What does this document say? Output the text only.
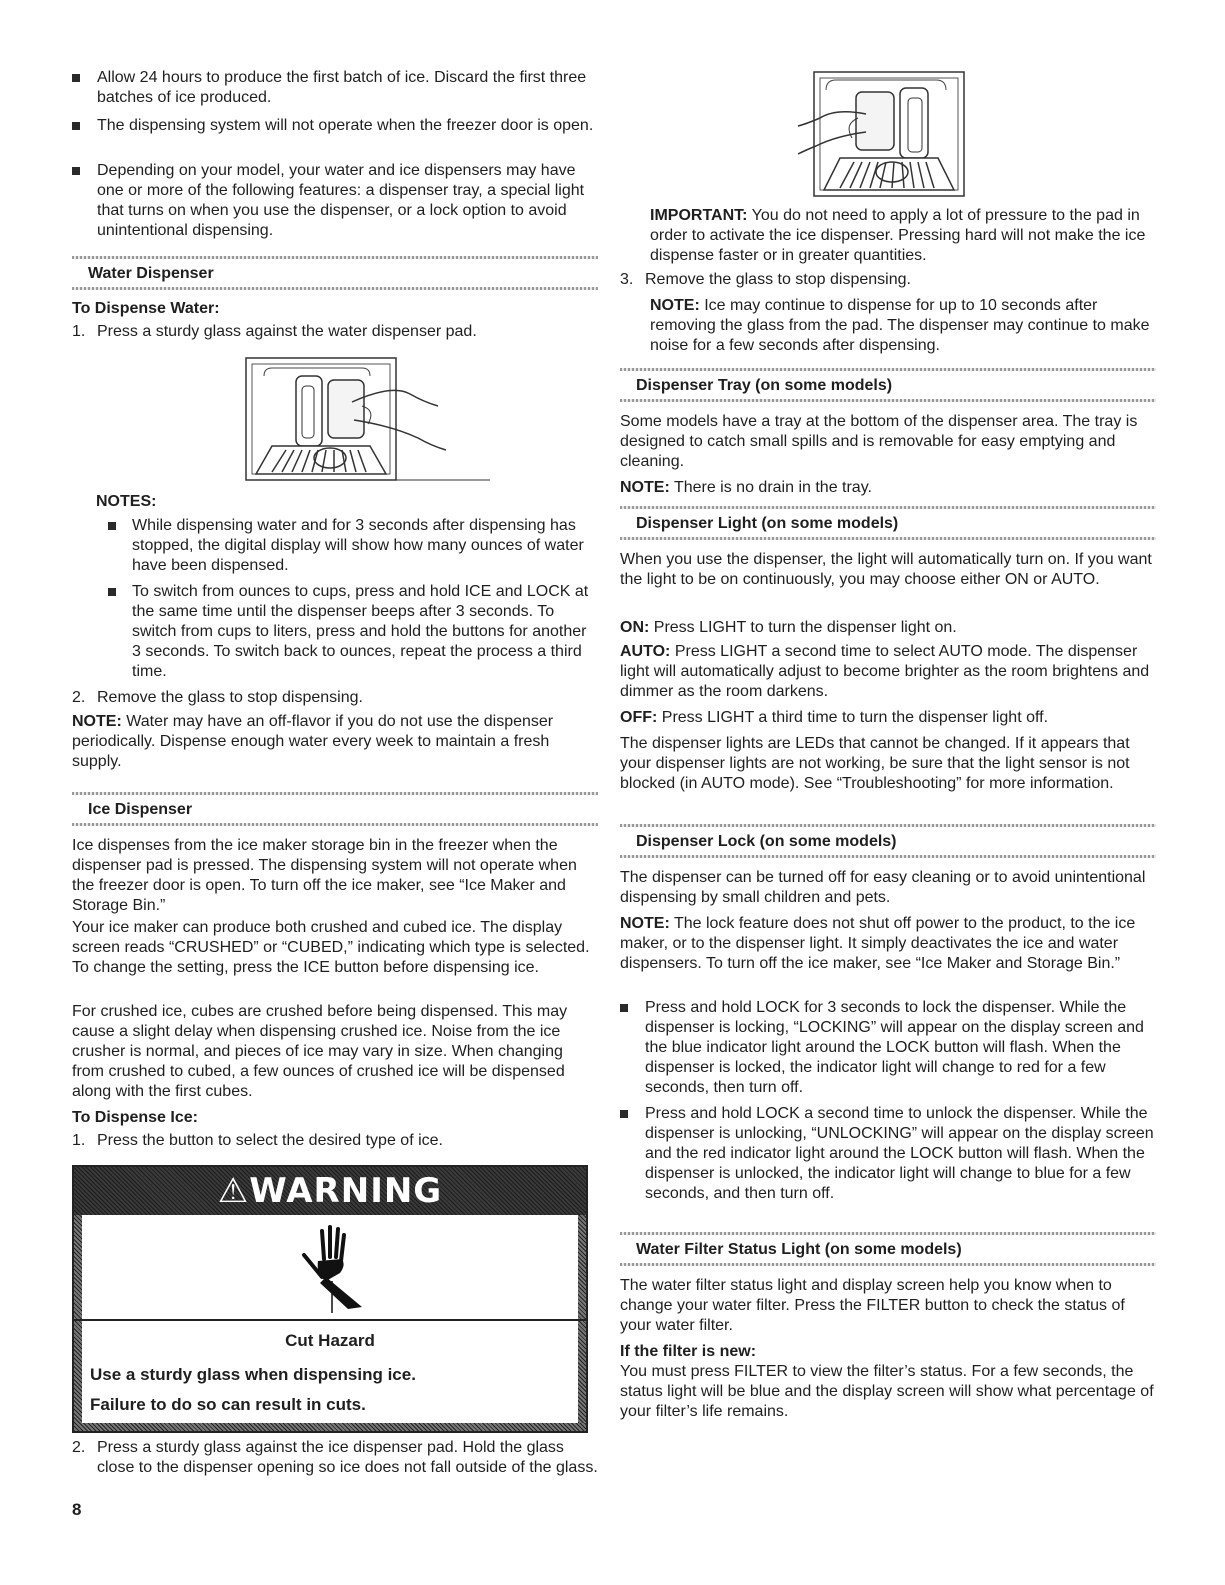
Allow 24 hours to produce the first batch of ice. Discard the first three batches of ice produced.
The dispensing system will not operate when the freezer door is open.
Depending on your model, your water and ice dispensers may have one or more of the following features: a dispenser tray, a special light that turns on when you use the dispenser, or a lock option to avoid unintentional dispensing.
Water Dispenser
To Dispense Water:
1. Press a sturdy glass against the water dispenser pad.
NOTES:
While dispensing water and for 3 seconds after dispensing has stopped, the digital display will show how many ounces of water have been dispensed.
To switch from ounces to cups, press and hold ICE and LOCK at the same time until the dispenser beeps after 3 seconds. To switch from cups to liters, press and hold the buttons for another 3 seconds. To switch back to ounces, repeat the process a third time.
2. Remove the glass to stop dispensing.

NOTE: Water may have an off-flavor if you do not use the dispenser periodically. Dispense enough water every week to maintain a fresh supply.

Ice Dispenser

Ice dispenses from the ice maker storage bin in the freezer when the dispenser pad is pressed. The dispensing system will not operate when the freezer door is open. To turn off the ice maker, see “Ice Maker and Storage Bin.”

Your ice maker can produce both crushed and cubed ice. The display screen reads “CRUSHED” or “CUBED,” indicating which type is selected. To change the setting, press the ICE button before dispensing ice.

For crushed ice, cubes are crushed before being dispensed. This may cause a slight delay when dispensing crushed ice. Noise from the ice crusher is normal, and pieces of ice may vary in size. When changing from crushed to cubed, a few ounces of crushed ice will be dispensed along with the first cubes.

To Dispense Ice:
1. Press the button to select the desired type of ice.
⚠WARNING
Cut Hazard
Use a sturdy glass when dispensing ice.
Failure to do so can result in cuts.
2. Press a sturdy glass against the ice dispenser pad. Hold the glass close to the dispenser opening so ice does not fall outside of the glass.
8

IMPORTANT: You do not need to apply a lot of pressure to the pad in order to activate the ice dispenser. Pressing hard will not make the ice dispense faster or in greater quantities.

3. Remove the glass to stop dispensing.

NOTE: Ice may continue to dispense for up to 10 seconds after removing the glass from the pad. The dispenser may continue to make noise for a few seconds after dispensing.

Dispenser Tray (on some models)

Some models have a tray at the bottom of the dispenser area. The tray is designed to catch small spills and is removable for easy emptying and cleaning.

NOTE: There is no drain in the tray.

Dispenser Light (on some models)

When you use the dispenser, the light will automatically turn on. If you want the light to be on continuously, you may choose either ON or AUTO.

ON: Press LIGHT to turn the dispenser light on.

AUTO: Press LIGHT a second time to select AUTO mode. The dispenser light will automatically adjust to become brighter as the room brightens and dimmer as the room darkens.

OFF: Press LIGHT a third time to turn the dispenser light off.

The dispenser lights are LEDs that cannot be changed. If it appears that your dispenser lights are not working, be sure that the light sensor is not blocked (in AUTO mode). See “Troubleshooting” for more information.

Dispenser Lock (on some models)

The dispenser can be turned off for easy cleaning or to avoid unintentional dispensing by small children and pets.

NOTE: The lock feature does not shut off power to the product, to the ice maker, or to the dispenser light. It simply deactivates the ice and water dispensers. To turn off the ice maker, see “Ice Maker and Storage Bin.”

Press and hold LOCK for 3 seconds to lock the dispenser. While the dispenser is locking, “LOCKING” will appear on the display screen and the blue indicator light around the LOCK button will flash. When the dispenser is locked, the indicator light will change to red for a few seconds, then turn off.
Press and hold LOCK a second time to unlock the dispenser. While the dispenser is unlocking, “UNLOCKING” will appear on the display screen and the red indicator light around the LOCK button will flash. When the dispenser is unlocked, the indicator light will change to blue for a few seconds, and then turn off.
Water Filter Status Light (on some models)

The water filter status light and display screen help you know when to change your water filter. Press the FILTER button to check the status of your water filter.

If the filter is new:

You must press FILTER to view the filter’s status. For a few seconds, the status light will be blue and the display screen will show what percentage of your filter’s life remains.
